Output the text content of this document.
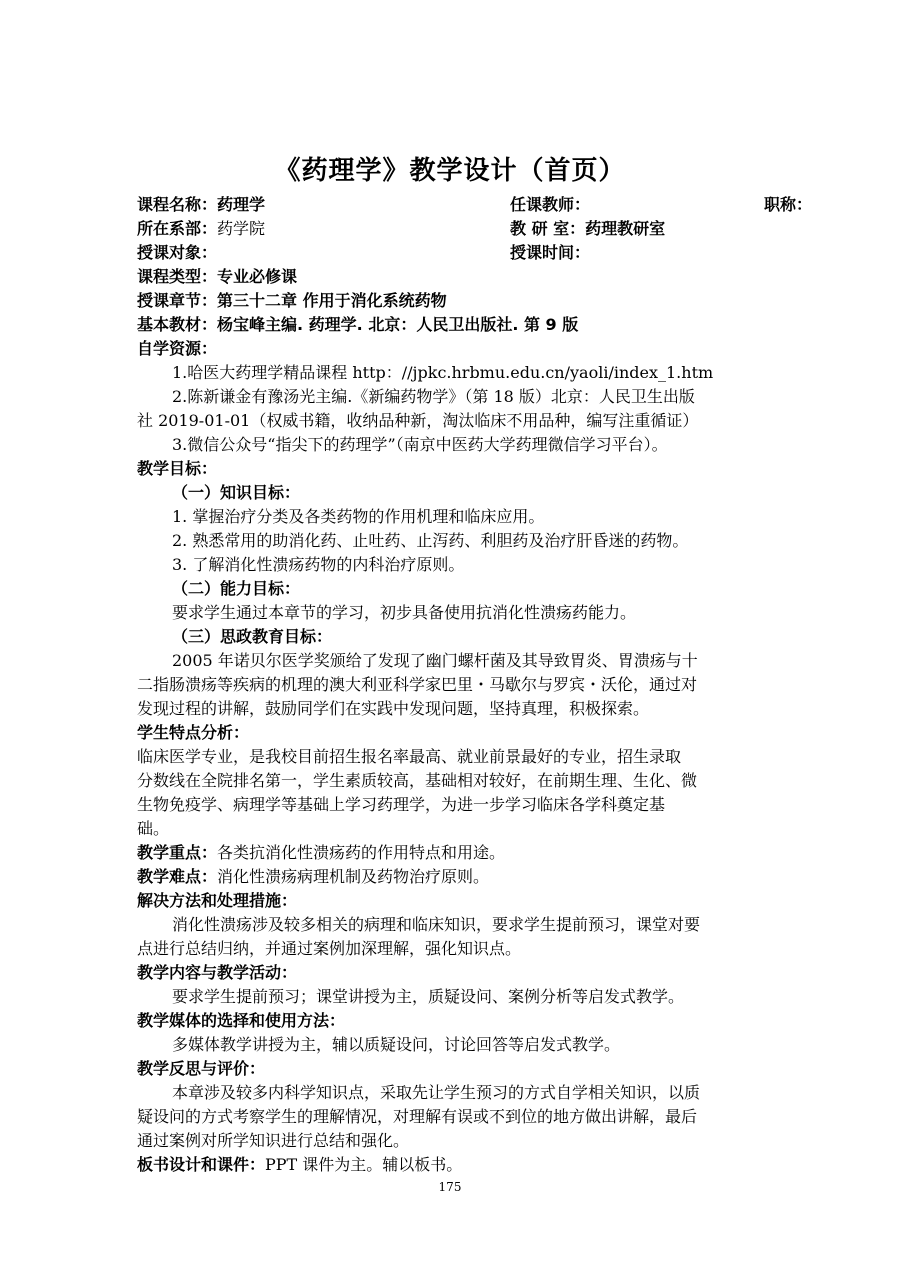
《药理学》教学设计（首页）
课程名称：药理学	任课教师：	职称：
所在系部：药学院	教 研 室：药理教研室
授课对象：	授课时间：
课程类型：专业必修课
授课章节：第三十二章 作用于消化系统药物
基本教材：杨宝峰主编. 药理学. 北京：人民卫出版社. 第 9 版
自学资源：
1.哈医大药理学精品课程 http：//jpkc.hrbmu.edu.cn/yaoli/index_1.htm
2.陈新谦金有豫汤光主编.《新编药物学》（第 18 版）北京：人民卫生出版
社 2019-01-01（权威书籍，收纳品种新，淘汰临床不用品种，编写注重循证）
3.微信公众号“指尖下的药理学”（南京中医药大学药理微信学习平台）。
教学目标：
（一）知识目标：
1. 掌握治疗分类及各类药物的作用机理和临床应用。
2. 熟悉常用的助消化药、止吐药、止泻药、利胆药及治疗肝昏迷的药物。
3. 了解消化性溃疡药物的内科治疗原则。
（二）能力目标：
要求学生通过本章节的学习，初步具备使用抗消化性溃疡药能力。
（三）思政教育目标：
2005 年诺贝尔医学奖颁给了发现了幽门螺杆菌及其导致胃炎、胃溃疡与十
二指肠溃疡等疾病的机理的澳大利亚科学家巴里・马歇尔与罗宾・沃伦，通过对
发现过程的讲解，鼓励同学们在实践中发现问题，坚持真理，积极探索。
学生特点分析：
临床医学专业，是我校目前招生报名率最高、就业前景最好的专业，招生录取
分数线在全院排名第一，学生素质较高，基础相对较好，在前期生理、生化、微
生物免疫学、病理学等基础上学习药理学，为进一步学习临床各学科奠定基
础。
教学重点：各类抗消化性溃疡药的作用特点和用途。
教学难点：消化性溃疡病理机制及药物治疗原则。
解决方法和处理措施：
消化性溃疡涉及较多相关的病理和临床知识，要求学生提前预习，课堂对要
点进行总结归纳，并通过案例加深理解，强化知识点。
教学内容与教学活动：
要求学生提前预习；课堂讲授为主，质疑设问、案例分析等启发式教学。
教学媒体的选择和使用方法：
多媒体教学讲授为主，辅以质疑设问，讨论回答等启发式教学。
教学反思与评价：
本章涉及较多内科学知识点，采取先让学生预习的方式自学相关知识，以质
疑设问的方式考察学生的理解情况，对理解有误或不到位的地方做出讲解，最后
通过案例对所学知识进行总结和强化。
板书设计和课件：PPT 课件为主。辅以板书。
175
